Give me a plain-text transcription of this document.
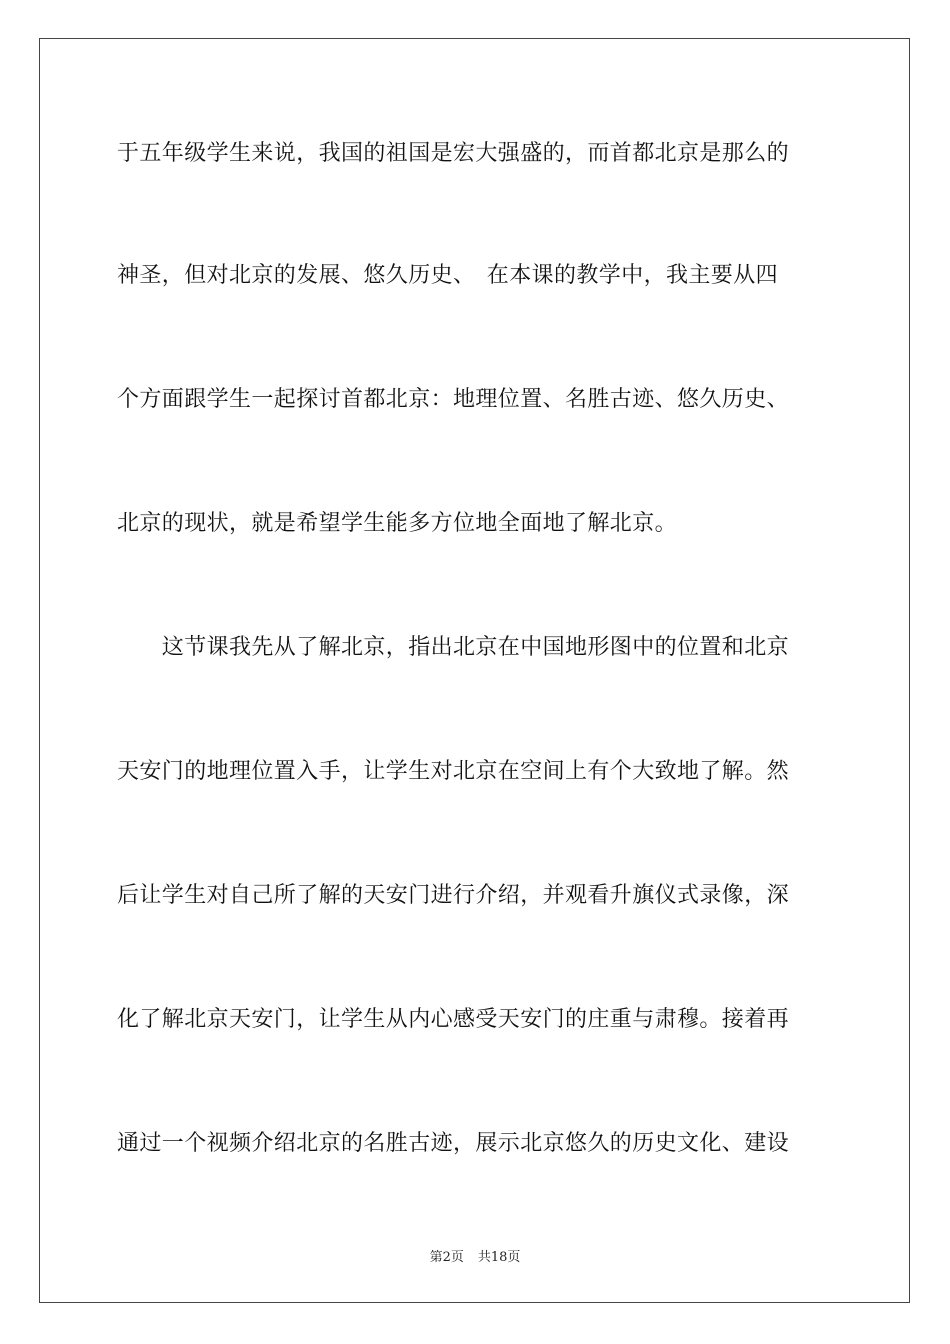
于五年级学生来说，我国的祖国是宏大强盛的，而首都北京是那么的
神圣，但对北京的发展、悠久历史、　在本课的教学中，我主要从四
个方面跟学生一起探讨首都北京：地理位置、名胜古迹、悠久历史、
北京的现状，就是希望学生能多方位地全面地了解北京。
　　这节课我先从了解北京，指出北京在中国地形图中的位置和北京
天安门的地理位置入手，让学生对北京在空间上有个大致地了解。然
后让学生对自己所了解的天安门进行介绍，并观看升旗仪式录像，深
化了解北京天安门，让学生从内心感受天安门的庄重与肃穆。接着再
通过一个视频介绍北京的名胜古迹，展示北京悠久的历史文化、建设
第2页 共18页
